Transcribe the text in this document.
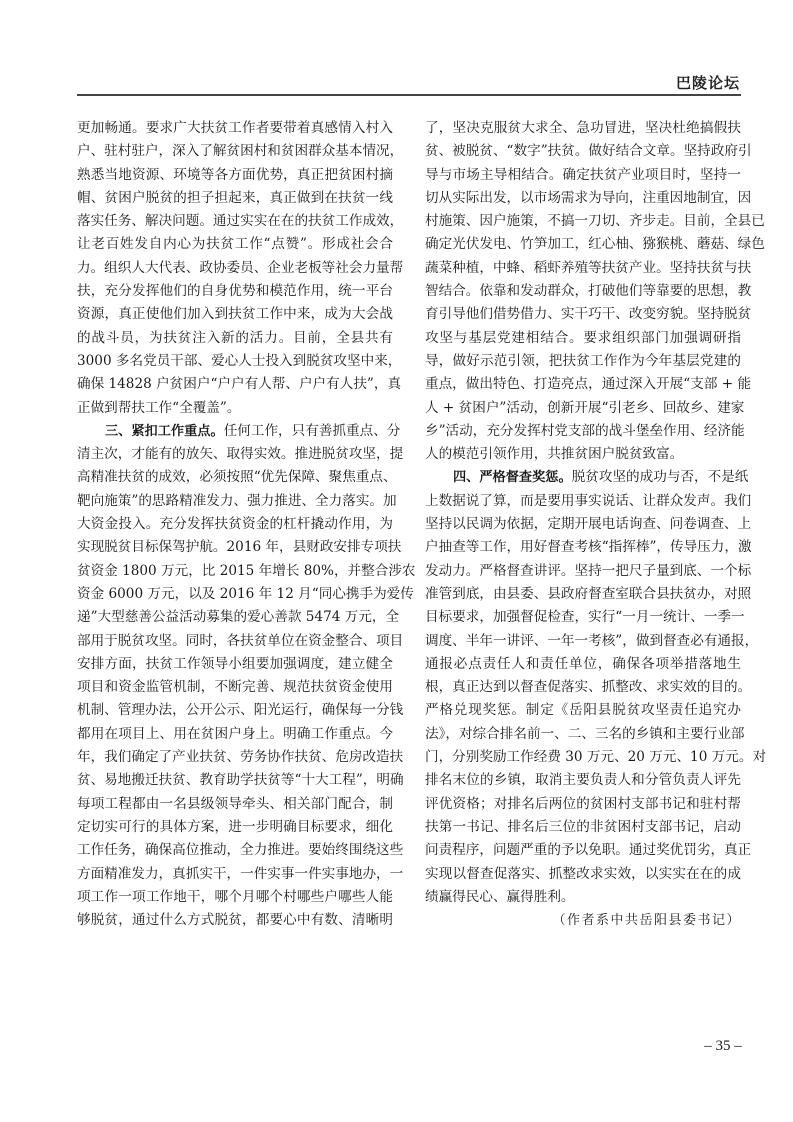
巴陵论坛
更加畅通。要求广大扶贫工作者要带着真感情入村入
户、驻村驻户，深入了解贫困村和贫困群众基本情况，
熟悉当地资源、环境等各方面优势，真正把贫困村摘
帽、贫困户脱贫的担子担起来，真正做到在扶贫一线
落实任务、解决问题。通过实实在在的扶贫工作成效，
让老百姓发自内心为扶贫工作“点赞”。形成社会合
力。组织人大代表、政协委员、企业老板等社会力量帮
扶，充分发挥他们的自身优势和模范作用，统一平台
资源，真正使他们加入到扶贫工作中来，成为大会战
的战斗员，为扶贫注入新的活力。目前，全县共有
3000 多名党员干部、爱心人士投入到脱贫攻坚中来，
确保 14828 户贫困户“户户有人帮、户户有人扶”，真
正做到帮扶工作“全覆盖”。
三、紧扣工作重点。任何工作，只有善抓重点、分
清主次，才能有的放矢、取得实效。推进脱贫攻坚，提
高精准扶贫的成效，必须按照“优先保障、聚焦重点、
靶向施策”的思路精准发力、强力推进、全力落实。加
大资金投入。充分发挥扶贫资金的杠杆撬动作用，为
实现脱贫目标保驾护航。2016 年，县财政安排专项扶
贫资金 1800 万元，比 2015 年增长 80%，并整合涉农
资金 6000 万元，以及 2016 年 12 月“同心携手为爱传
递”大型慈善公益活动募集的爱心善款 5474 万元，全
部用于脱贫攻坚。同时，各扶贫单位在资金整合、项目
安排方面，扶贫工作领导小组要加强调度，建立健全
项目和资金监管机制，不断完善、规范扶贫资金使用
机制、管理办法，公开公示、阳光运行，确保每一分钱
都用在项目上、用在贫困户身上。明确工作重点。今
年，我们确定了产业扶贫、劳务协作扶贫、危房改造扶
贫、易地搬迁扶贫、教育助学扶贫等“十大工程”，明确
每项工程都由一名县级领导牵头、相关部门配合，制
定切实可行的具体方案，进一步明确目标要求，细化
工作任务，确保高位推动，全力推进。要始终围绕这些
方面精准发力，真抓实干，一件实事一件实事地办，一
项工作一项工作地干，哪个月哪个村哪些户哪些人能
够脱贫，通过什么方式脱贫，都要心中有数、清晰明
了，坚决克服贫大求全、急功冒进，坚决杜绝搞假扶
贫、被脱贫、“数字”扶贫。做好结合文章。坚持政府引
导与市场主导相结合。确定扶贫产业项目时，坚持一
切从实际出发，以市场需求为导向，注重因地制宜，因
村施策、因户施策，不搞一刀切、齐步走。目前，全县已
确定光伏发电、竹笋加工，红心柚、猕猴桃、蘑菇、绿色
蔬菜种植，中蜂、稻虾养殖等扶贫产业。坚持扶贫与扶
智结合。依靠和发动群众，打破他们等靠要的思想，教
育引导他们借势借力、实干巧干、改变穷貌。坚持脱贫
攻坚与基层党建相结合。要求组织部门加强调研指
导，做好示范引领，把扶贫工作作为今年基层党建的
重点，做出特色、打造亮点，通过深入开展“支部 + 能
人 + 贫困户”活动，创新开展“引老乡、回故乡、建家
乡”活动，充分发挥村党支部的战斗堡垒作用、经济能
人的模范引领作用，共推贫困户脱贫致富。
四、严格督查奖惩。脱贫攻坚的成功与否，不是纸
上数据说了算，而是要用事实说话、让群众发声。我们
坚持以民调为依据，定期开展电话询查、问卷调查、上
户抽查等工作，用好督查考核“指挥棒”，传导压力，激
发动力。严格督查讲评。坚持一把尺子量到底、一个标
准管到底，由县委、县政府督查室联合县扶贫办，对照
目标要求，加强督促检查，实行“一月一统计、一季一
调度、半年一讲评、一年一考核”，做到督查必有通报，
通报必点责任人和责任单位，确保各项举措落地生
根，真正达到以督查促落实、抓整改、求实效的目的。
严格兑现奖惩。制定《岳阳县脱贫攻坚责任追究办
法》，对综合排名前一、二、三名的乡镇和主要行业部
门，分别奖励工作经费 30 万元、20 万元、10 万元。对
排名末位的乡镇，取消主要负责人和分管负责人评先
评优资格；对排名后两位的贫困村支部书记和驻村帮
扶第一书记、排名后三位的非贫困村支部书记，启动
问责程序，问题严重的予以免职。通过奖优罚劣，真正
实现以督查促落实、抓整改求实效，以实实在在的成
绩赢得民心、赢得胜利。
（作者系中共岳阳县委书记）
– 35 –
